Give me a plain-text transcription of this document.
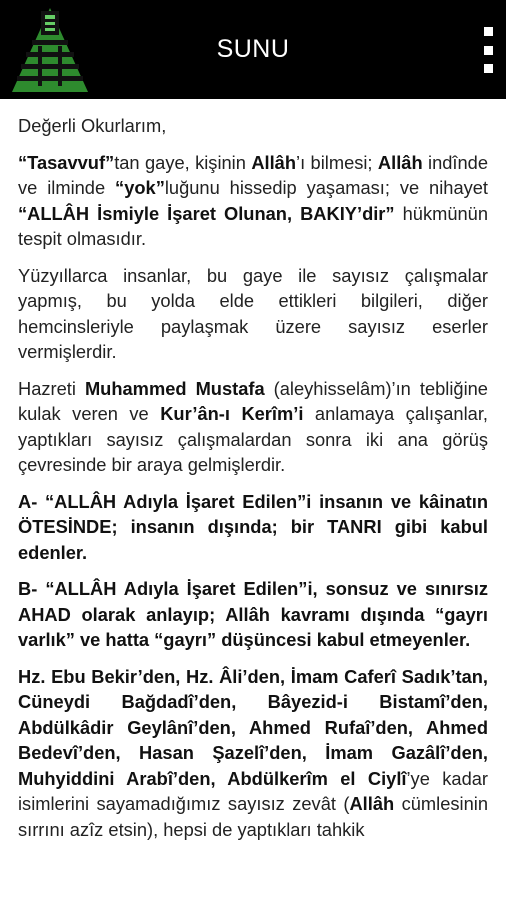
SUNU

Değerli Okurlarım,

“Tasavvuf”tan gaye, kişinin Allâh’ı bilmesi; Allâh indînde ve ilminde “yok”luğunu hissedip yaşaması; ve nihayet “ALLÂH İsmiyle İşaret Olunan, BAKIY’dir” hükmünün tespit olmasıdır.

Yüzyıllarca insanlar, bu gaye ile sayısız çalışmalar yapmış, bu yolda elde ettikleri bilgileri, diğer hemcinsleriyle paylaşmak üzere sayısız eserler vermişlerdir.

Hazreti Muhammed Mustafa (aleyhisselâm)’ın tebliğine kulak veren ve Kur’ân-ı Kerîm’i anlamaya çalışanlar, yaptıkları sayısız çalışmalardan sonra iki ana görüş çevresinde bir araya gelmişlerdir.

A- “ALLÂH Adıyla İşaret Edilen”i insanın ve kâinatın ÖTESİNDE; insanın dışında; bir TANRI gibi kabul edenler.

B- “ALLÂH Adıyla İşaret Edilen”i, sonsuz ve sınırsız AHAD olarak anlayıp; Allâh kavramı dışında “gayrı varlık” ve hatta “gayrı” düşüncesi kabul etmeyenler.

Hz. Ebu Bekir’den, Hz. Âli’den, İmam Caferî Sadık’tan, Cüneydi Bağdadî’den, Bâyezid-i Bistamî’den, Abdülkâdir Geylânî’den, Ahmed Rufaî’den, Ahmed Bedevî’den, Hasan Şazelî’den, İmam Gazâlî’den, Muhyiddini Arabî’den, Abdülkerîm el Ciylî’ye kadar isimlerini sayamadığımız sayısız zevât (Allâh cümlesinin sırrını azîz etsin), hepsi de yaptıkları tahkik
